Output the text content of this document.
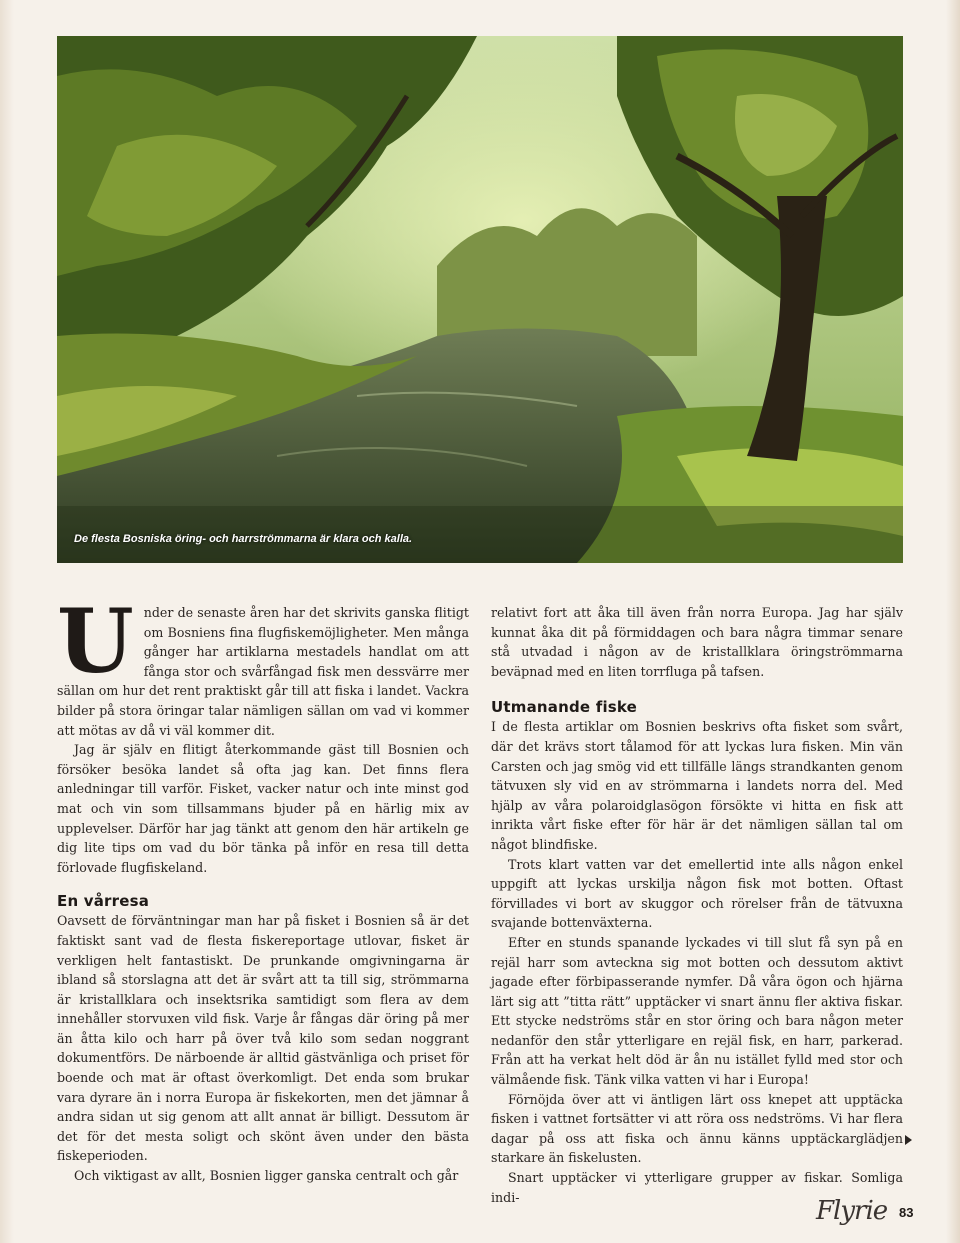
De flesta Bosniska öring- och harrströmmarna är klara och kalla.
U nder de senaste åren har det skrivits ganska flitigt om Bosniens fina flugfiskemöjligheter. Men många gånger har artiklarna mestadels handlat om att fånga stor och svårfångad fisk men dessvärre mer sällan om hur det rent praktiskt går till att fiska i landet. Vackra bilder på stora öringar talar nämligen sällan om vad vi kommer att mötas av då vi väl kommer dit.

Jag är själv en flitigt återkommande gäst till Bosnien och försöker besöka landet så ofta jag kan. Det finns flera anledningar till varför. Fisket, vacker natur och inte minst god mat och vin som tillsammans bjuder på en härlig mix av upplevelser. Därför har jag tänkt att genom den här artikeln ge dig lite tips om vad du bör tänka på inför en resa till detta förlovade flugfiskeland.

En vårresa

Oavsett de förväntningar man har på fisket i Bosnien så är det faktiskt sant vad de flesta fiskereportage utlovar, fisket är verkligen helt fantastiskt. De prunkande omgivningarna är ibland så storslagna att det är svårt att ta till sig, strömmarna är kristallklara och insektsrika samtidigt som flera av dem innehåller storvuxen vild fisk. Varje år fångas där öring på mer än åtta kilo och harr på över två kilo som sedan noggrant dokumentförs. De närboende är alltid gästvänliga och priset för boende och mat är oftast överkomligt. Det enda som brukar vara dyrare än i norra Europa är fiskekorten, men det jämnar å andra sidan ut sig genom att allt annat är billigt. Dessutom är det för det mesta soligt och skönt även under den bästa fiskeperioden.

Och viktigast av allt, Bosnien ligger ganska centralt och går

relativt fort att åka till även från norra Europa. Jag har själv kunnat åka dit på förmiddagen och bara några timmar senare stå utvadad i någon av de kristallklara öringströmmarna beväpnad med en liten torrfluga på tafsen.

Utmanande fiske

I de flesta artiklar om Bosnien beskrivs ofta fisket som svårt, där det krävs stort tålamod för att lyckas lura fisken. Min vän Carsten och jag smög vid ett tillfälle längs strandkanten genom tätvuxen sly vid en av strömmarna i landets norra del. Med hjälp av våra polaroidglasögon försökte vi hitta en fisk att inrikta vårt fiske efter för här är det nämligen sällan tal om något blindfiske.

Trots klart vatten var det emellertid inte alls någon enkel uppgift att lyckas urskilja någon fisk mot botten. Oftast förvillades vi bort av skuggor och rörelser från de tätvuxna svajande bottenväxterna.

Efter en stunds spanande lyckades vi till slut få syn på en rejäl harr som avteckna sig mot botten och dessutom aktivt jagade efter förbipasserande nymfer. Då våra ögon och hjärna lärt sig att ”titta rätt” upptäcker vi snart ännu fler aktiva fiskar. Ett stycke nedströms står en stor öring och bara någon meter nedanför den står ytterligare en rejäl fisk, en harr, parkerad. Från att ha verkat helt död är ån nu istället fylld med stor och välmående fisk. Tänk vilka vatten vi har i Europa!

Förnöjda över att vi äntligen lärt oss knepet att upptäcka fisken i vattnet fortsätter vi att röra oss nedströms. Vi har flera dagar på oss att fiska och ännu känns upptäckarglädjen starkare än fiskelusten.

Snart upptäcker vi ytterligare grupper av fiskar. Somliga indi-	Flyrie 83
